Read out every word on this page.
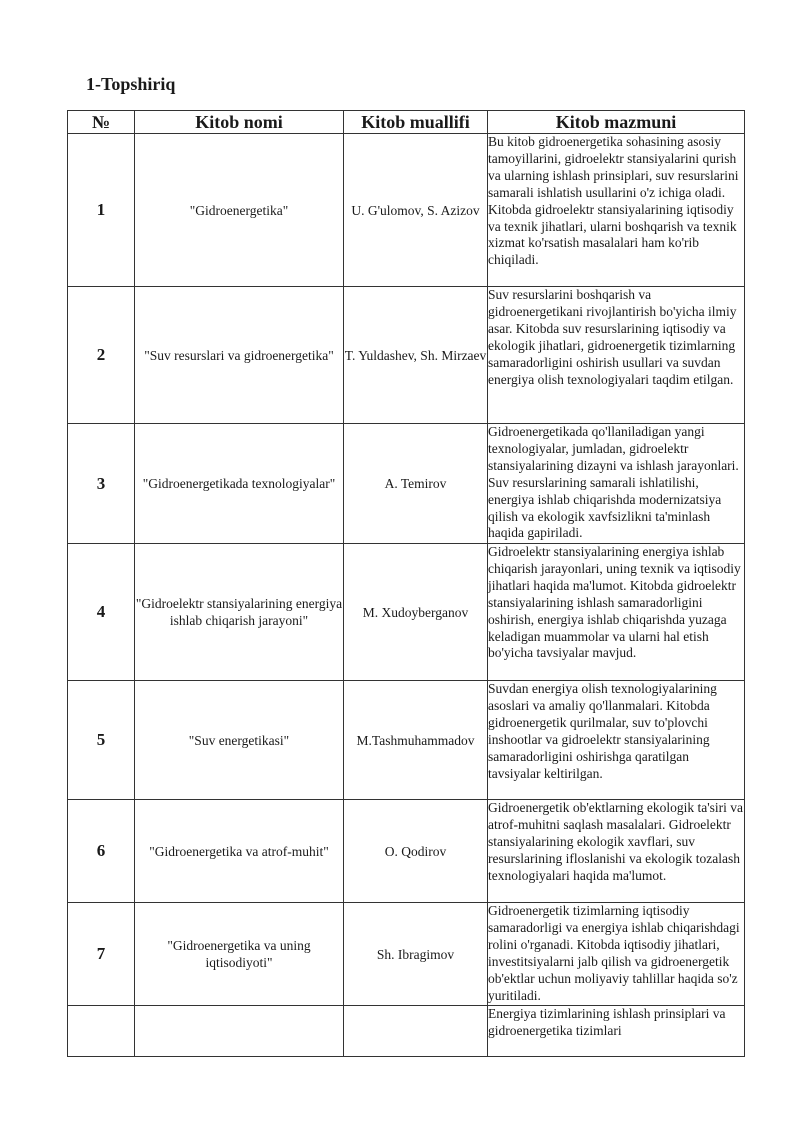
1-Topshiriq
№	Kitob nomi	Kitob muallifi	Kitob mazmuni
1	"Gidroenergetika"	U. G'ulomov, S. Azizov	Bu kitob gidroenergetika sohasining asosiy tamoyillarini, gidroelektr stansiyalarini qurish va ularning ishlash prinsiplari, suv resurslarini samarali ishlatish usullarini o'z ichiga oladi. Kitobda gidroelektr stansiyalarining iqtisodiy va texnik jihatlari, ularni boshqarish va texnik xizmat ko'rsatish masalalari ham ko'rib chiqiladi.
2	"Suv resurslari va gidroenergetika"	T. Yuldashev, Sh. Mirzaev	Suv resurslarini boshqarish va gidroenergetikani rivojlantirish bo'yicha ilmiy asar. Kitobda suv resurslarining iqtisodiy va ekologik jihatlari, gidroenergetik tizimlarning samaradorligini oshirish usullari va suvdan energiya olish texnologiyalari taqdim etilgan.
3	"Gidroenergetikada texnologiyalar"	A. Temirov	Gidroenergetikada qo'llaniladigan yangi texnologiyalar, jumladan, gidroelektr stansiyalarining dizayni va ishlash jarayonlari. Suv resurslarining samarali ishlatilishi, energiya ishlab chiqarishda modernizatsiya qilish va ekologik xavfsizlikni ta'minlash haqida gapiriladi.
4	"Gidroelektr stansiyalarining energiya ishlab chiqarish jarayoni"	M. Xudoyberganov	Gidroelektr stansiyalarining energiya ishlab chiqarish jarayonlari, uning texnik va iqtisodiy jihatlari haqida ma'lumot. Kitobda gidroelektr stansiyalarining ishlash samaradorligini oshirish, energiya ishlab chiqarishda yuzaga keladigan muammolar va ularni hal etish bo'yicha tavsiyalar mavjud.
5	"Suv energetikasi"	M.Tashmuhammadov	Suvdan energiya olish texnologiyalarining asoslari va amaliy qo'llanmalari. Kitobda gidroenergetik qurilmalar, suv to'plovchi inshootlar va gidroelektr stansiyalarining samaradorligini oshirishga qaratilgan tavsiyalar keltirilgan.
6	"Gidroenergetika va atrof-muhit"	O. Qodirov	Gidroenergetik ob'ektlarning ekologik ta'siri va atrof-muhitni saqlash masalalari. Gidroelektr stansiyalarining ekologik xavflari, suv resurslarining ifloslanishi va ekologik tozalash texnologiyalari haqida ma'lumot.
7	"Gidroenergetika va uning iqtisodiyoti"	Sh. Ibragimov	Gidroenergetik tizimlarning iqtisodiy samaradorligi va energiya ishlab chiqarishdagi rolini o'rganadi. Kitobda iqtisodiy jihatlari, investitsiyalarni jalb qilish va gidroenergetik ob'ektlar uchun moliyaviy tahlillar haqida so'z yuritiladi.
			Energiya tizimlarining ishlash prinsiplari va gidroenergetika tizimlari
